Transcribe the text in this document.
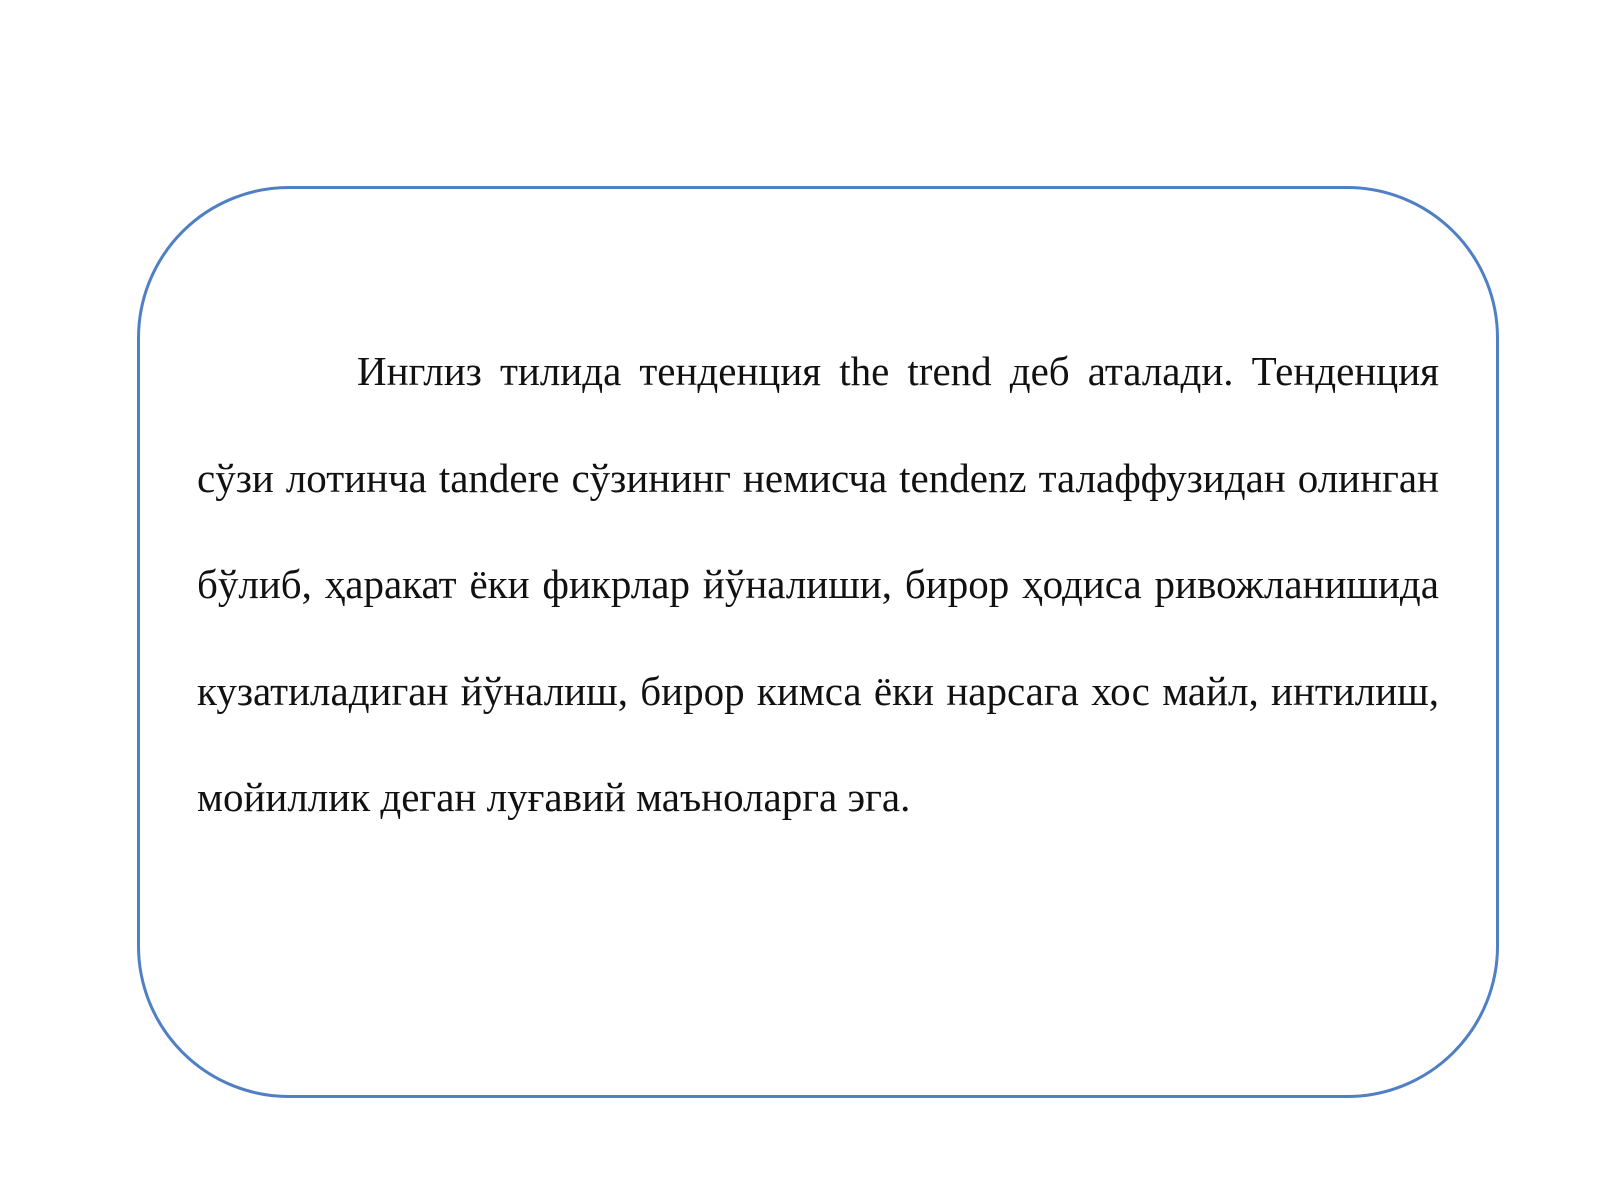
Инглиз тилида тенденция the trend деб аталади. Тенденция сўзи лотинча tandere сўзининг немисча tendenz талаффузидан олинган бўлиб, ҳаракат ёки фикрлар йўналиши, бирор ҳодиса ривожланишида кузатиладиган йўналиш, бирор кимса ёки нарсага хос майл, интилиш, мойиллик деган луғавий маъноларга эга.
